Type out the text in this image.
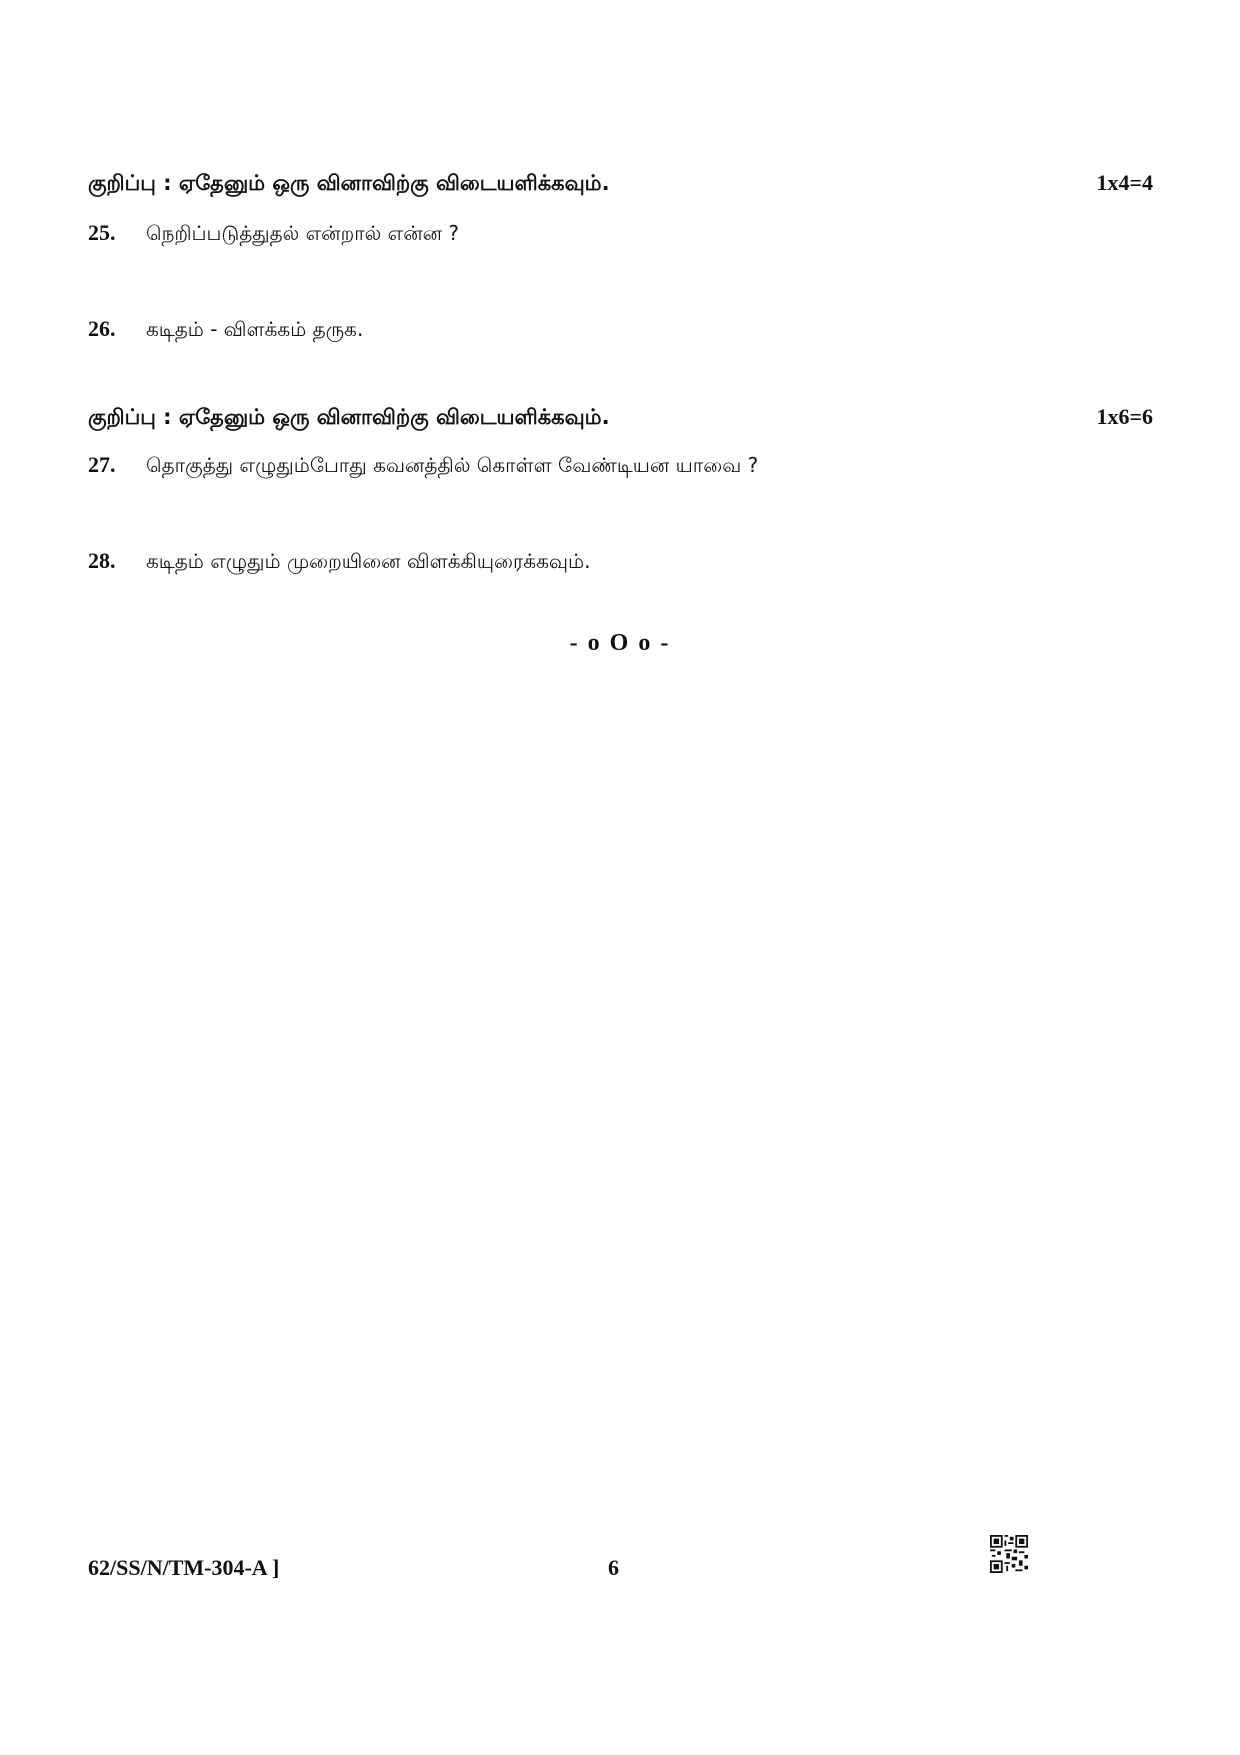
குறிப்பு : ஏதேனும் ஒரு வினாவிற்கு விடையளிக்கவும்.	1x4=4
25.	நெறிப்படுத்துதல் என்றால் என்ன ?
26.	கடிதம் - விளக்கம் தருக.
குறிப்பு : ஏதேனும் ஒரு வினாவிற்கு விடையளிக்கவும்.	1x6=6
27.	தொகுத்து எழுதும்போது கவனத்தில் கொள்ள வேண்டியன யாவை ?
28.	கடிதம் எழுதும் முறையினை விளக்கியுரைக்கவும்.
- o O o -
62/SS/N/TM-304-A ]	6
